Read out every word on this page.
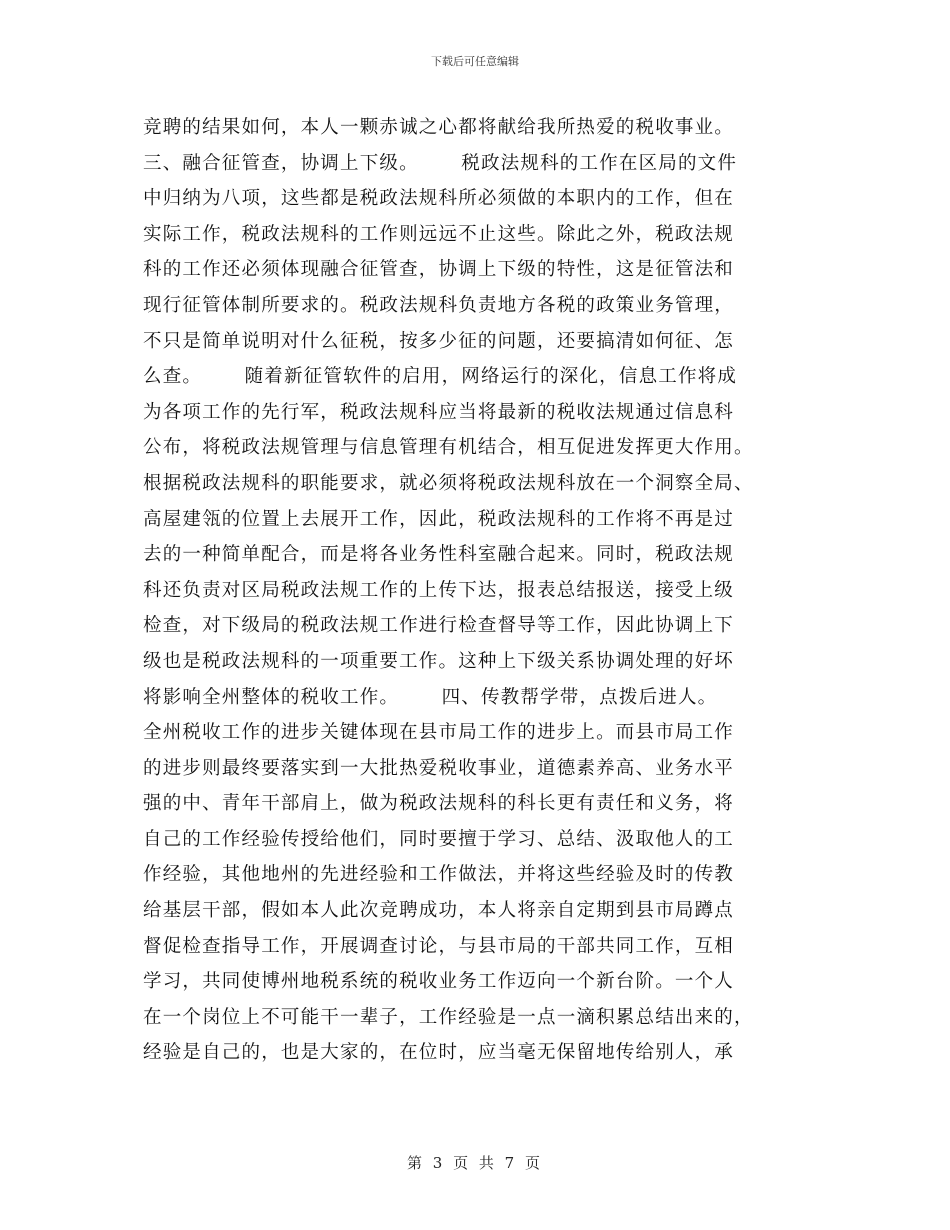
下载后可任意编辑
竞聘的结果如何，本人一颗赤诚之心都将献给我所热爱的税收事业。
三、融合征管查，协调上下级。      税政法规科的工作在区局的文件
中归纳为八项，这些都是税政法规科所必须做的本职内的工作，但在
实际工作，税政法规科的工作则远远不止这些。除此之外，税政法规
科的工作还必须体现融合征管查，协调上下级的特性，这是征管法和
现行征管体制所要求的。税政法规科负责地方各税的政策业务管理，
不只是简单说明对什么征税，按多少征的问题，还要搞清如何征、怎
么查。      随着新征管软件的启用，网络运行的深化，信息工作将成
为各项工作的先行军，税政法规科应当将最新的税收法规通过信息科
公布，将税政法规管理与信息管理有机结合，相互促进发挥更大作用。
根据税政法规科的职能要求，就必须将税政法规科放在一个洞察全局、
高屋建瓴的位置上去展开工作，因此，税政法规科的工作将不再是过
去的一种简单配合，而是将各业务性科室融合起来。同时，税政法规
科还负责对区局税政法规工作的上传下达，报表总结报送，接受上级
检查，对下级局的税政法规工作进行检查督导等工作，因此协调上下
级也是税政法规科的一项重要工作。这种上下级关系协调处理的好坏
将影响全州整体的税收工作。      四、传教帮学带，点拨后进人。
全州税收工作的进步关键体现在县市局工作的进步上。而县市局工作
的进步则最终要落实到一大批热爱税收事业，道德素养高、业务水平
强的中、青年干部肩上，做为税政法规科的科长更有责任和义务，将
自己的工作经验传授给他们，同时要擅于学习、总结、汲取他人的工
作经验，其他地州的先进经验和工作做法，并将这些经验及时的传教
给基层干部，假如本人此次竞聘成功，本人将亲自定期到县市局蹲点
督促检查指导工作，开展调查讨论，与县市局的干部共同工作，互相
学习，共同使博州地税系统的税收业务工作迈向一个新台阶。一个人
在一个岗位上不可能干一辈子，工作经验是一点一滴积累总结出来的，
经验是自己的，也是大家的，在位时，应当毫无保留地传给别人，承
第 3 页 共 7 页
